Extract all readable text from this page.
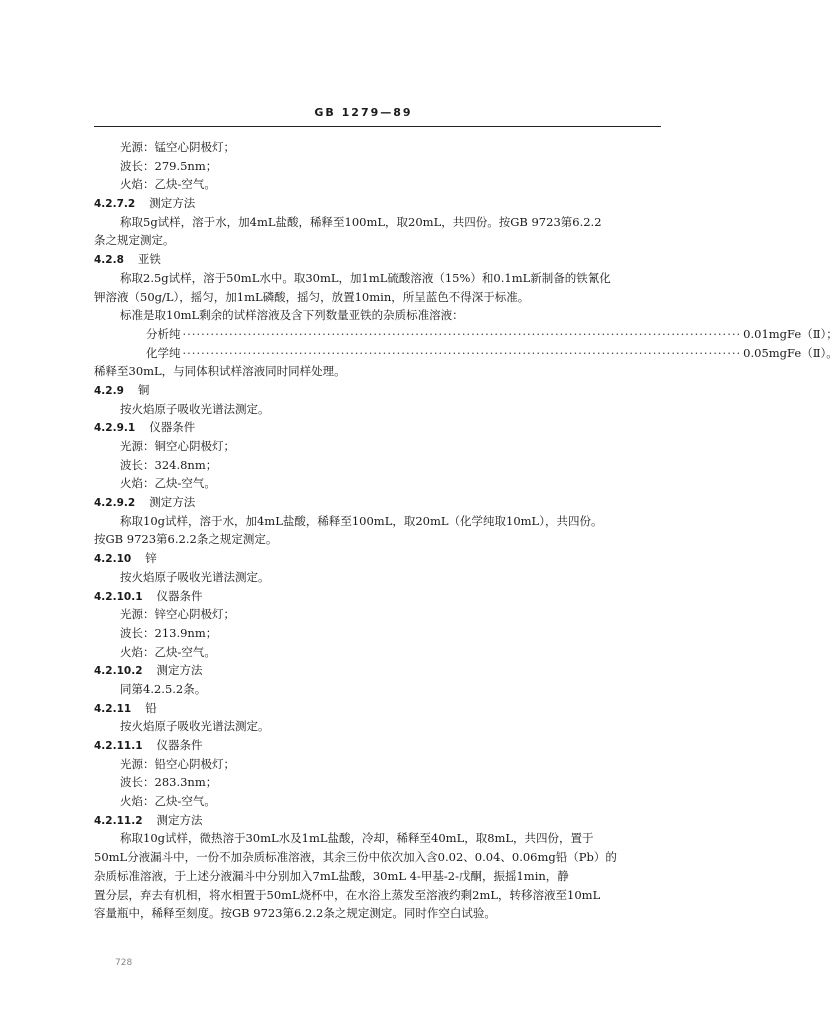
GB 1279—89
光源：锰空心阴极灯；
波长：279.5nm；
火焰：乙炔-空气。
4.2.7.2 测定方法
称取5g试样，溶于水，加4mL盐酸，稀释至100mL，取20mL，共四份。按GB 9723第6.2.2
条之规定测定。
4.2.8 亚铁
称取2.5g试样，溶于50mL水中。取30mL，加1mL硫酸溶液（15%）和0.1mL新制备的铁氰化
钾溶液（50g/L），摇匀，加1mL磷酸，摇匀，放置10min，所呈蓝色不得深于标准。
标准是取10mL剩余的试样溶液及含下列数量亚铁的杂质标准溶液：
分析纯 ························································································································ 0.01mgFe（Ⅱ）；
化学纯 ························································································································ 0.05mgFe（Ⅱ）。
稀释至30mL，与同体积试样溶液同时同样处理。
4.2.9 铜
按火焰原子吸收光谱法测定。
4.2.9.1 仪器条件
光源：铜空心阴极灯；
波长：324.8nm；
火焰：乙炔-空气。
4.2.9.2 测定方法
称取10g试样，溶于水，加4mL盐酸，稀释至100mL，取20mL（化学纯取10mL），共四份。
按GB 9723第6.2.2条之规定测定。
4.2.10 锌
按火焰原子吸收光谱法测定。
4.2.10.1 仪器条件
光源：锌空心阴极灯；
波长：213.9nm；
火焰：乙炔-空气。
4.2.10.2 测定方法
同第4.2.5.2条。
4.2.11 铅
按火焰原子吸收光谱法测定。
4.2.11.1 仪器条件
光源：铅空心阴极灯；
波长：283.3nm；
火焰：乙炔-空气。
4.2.11.2 测定方法
称取10g试样，微热溶于30mL水及1mL盐酸，冷却，稀释至40mL，取8mL，共四份，置于
50mL分液漏斗中，一份不加杂质标准溶液，其余三份中依次加入含0.02、0.04、0.06mg铅（Pb）的
杂质标准溶液，于上述分液漏斗中分别加入7mL盐酸，30mL 4-甲基-2-戊酮，振摇1min，静
置分层，弃去有机相，将水相置于50mL烧杯中，在水浴上蒸发至溶液约剩2mL，转移溶液至10mL
容量瓶中，稀释至刻度。按GB 9723第6.2.2条之规定测定。同时作空白试验。
728
